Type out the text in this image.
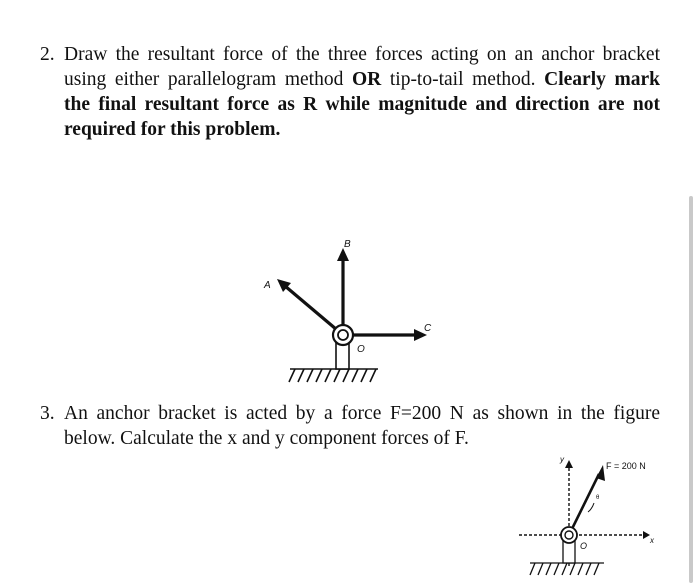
2. Draw the resultant force of the three forces acting on an anchor bracket using either parallelogram method OR tip-to-tail method. Clearly mark the final resultant force as R while magnitude and direction are not required for this problem.
A
B
C
O
3. An anchor bracket is acted by a force F=200 N as shown in the figure below. Calculate the x and y component forces of F.
y
x
θ
F = 200 N
O
